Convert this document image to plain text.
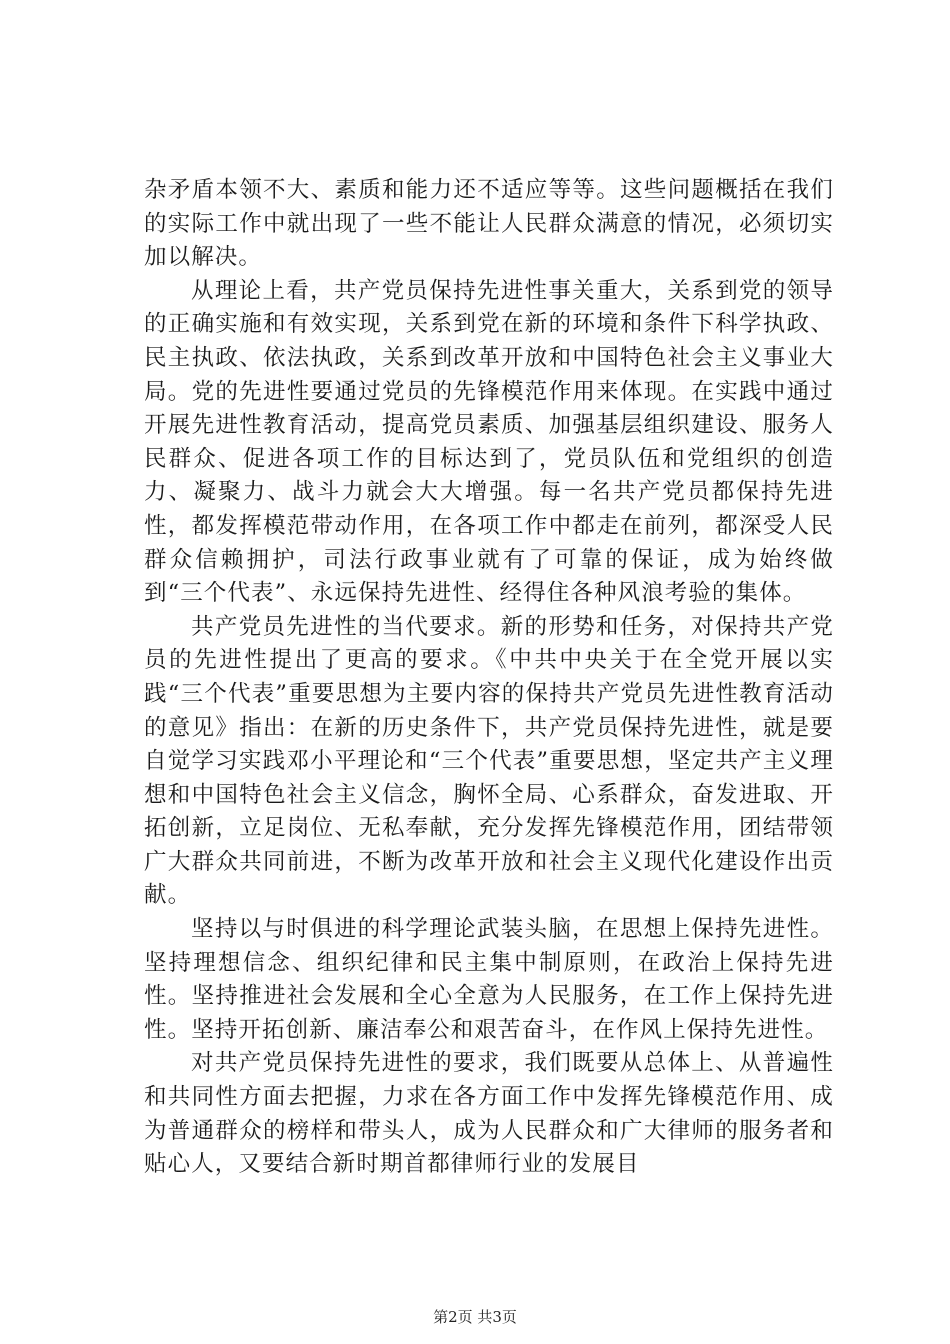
杂矛盾本领不大、素质和能力还不适应等等。这些问题概括在我们的实际工作中就出现了一些不能让人民群众满意的情况，必须切实加以解决。

从理论上看，共产党员保持先进性事关重大，关系到党的领导的正确实施和有效实现，关系到党在新的环境和条件下科学执政、民主执政、依法执政，关系到改革开放和中国特色社会主义事业大局。党的先进性要通过党员的先锋模范作用来体现。在实践中通过开展先进性教育活动，提高党员素质、加强基层组织建设、服务人民群众、促进各项工作的目标达到了，党员队伍和党组织的创造力、凝聚力、战斗力就会大大增强。每一名共产党员都保持先进性，都发挥模范带动作用，在各项工作中都走在前列，都深受人民群众信赖拥护，司法行政事业就有了可靠的保证，成为始终做到“三个代表”、永远保持先进性、经得住各种风浪考验的集体。

共产党员先进性的当代要求。新的形势和任务，对保持共产党员的先进性提出了更高的要求。《中共中央关于在全党开展以实践“三个代表”重要思想为主要内容的保持共产党员先进性教育活动的意见》指出：在新的历史条件下，共产党员保持先进性，就是要自觉学习实践邓小平理论和“三个代表”重要思想，坚定共产主义理想和中国特色社会主义信念，胸怀全局、心系群众，奋发进取、开拓创新，立足岗位、无私奉献，充分发挥先锋模范作用，团结带领广大群众共同前进，不断为改革开放和社会主义现代化建设作出贡献。

坚持以与时俱进的科学理论武装头脑，在思想上保持先进性。坚持理想信念、组织纪律和民主集中制原则，在政治上保持先进性。坚持推进社会发展和全心全意为人民服务，在工作上保持先进性。坚持开拓创新、廉洁奉公和艰苦奋斗，在作风上保持先进性。

对共产党员保持先进性的要求，我们既要从总体上、从普遍性和共同性方面去把握，力求在各方面工作中发挥先锋模范作用、成为普通群众的榜样和带头人，成为人民群众和广大律师的服务者和贴心人，又要结合新时期首都律师行业的发展目

第2页 共3页
